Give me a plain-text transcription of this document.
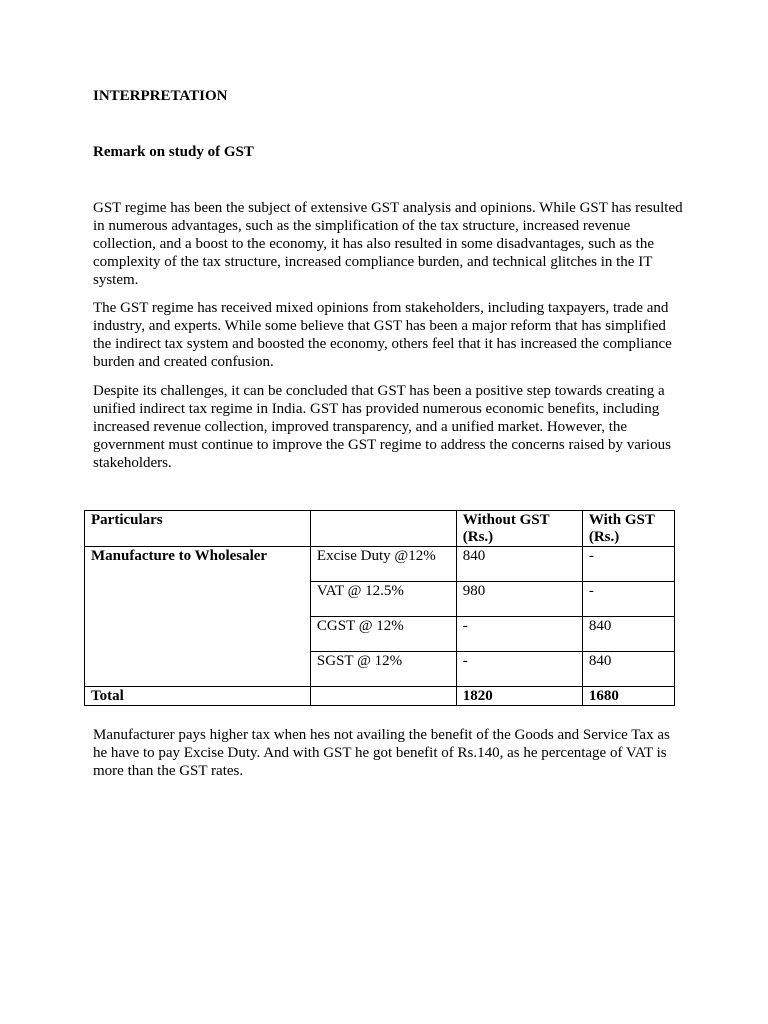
INTERPRETATION

Remark on study of GST

GST regime has been the subject of extensive GST analysis and opinions. While GST has resulted in numerous advantages, such as the simplification of the tax structure, increased revenue collection, and a boost to the economy, it has also resulted in some disadvantages, such as the complexity of the tax structure, increased compliance burden, and technical glitches in the IT system.

The GST regime has received mixed opinions from stakeholders, including taxpayers, trade and industry, and experts. While some believe that GST has been a major reform that has simplified the indirect tax system and boosted the economy, others feel that it has increased the compliance burden and created confusion.

Despite its challenges, it can be concluded that GST has been a positive step towards creating a unified indirect tax regime in India. GST has provided numerous economic benefits, including increased revenue collection, improved transparency, and a unified market. However, the government must continue to improve the GST regime to address the concerns raised by various stakeholders.

Particulars		Without GST (Rs.)	With GST (Rs.)
Manufacture to Wholesaler	Excise Duty @12%	840	-
	VAT @ 12.5%	980	-
	CGST @ 12%	-	840
	SGST @ 12%	-	840
Total		1820	1680

Manufacturer pays higher tax when hes not availing the benefit of the Goods and Service Tax as he have to pay Excise Duty. And with GST he got benefit of Rs.140, as he percentage of VAT is more than the GST rates.
